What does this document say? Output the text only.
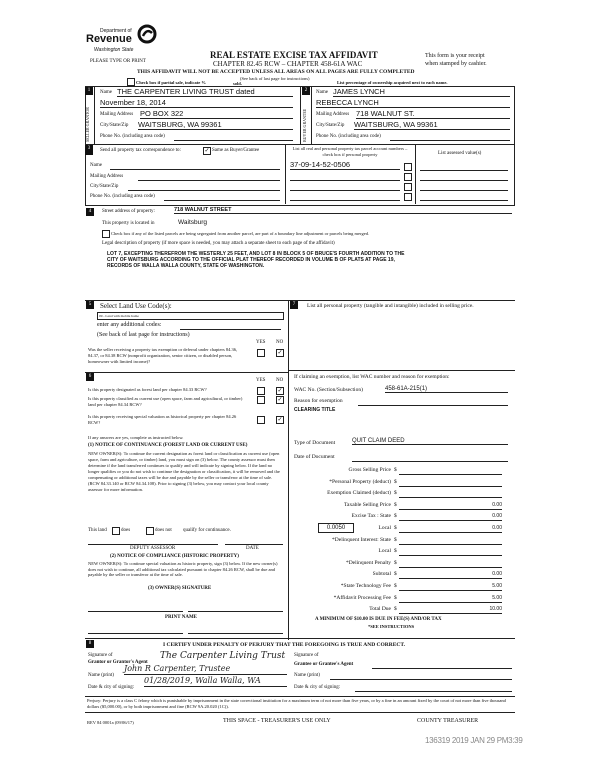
Department of
Revenue
Washington State
PLEASE TYPE OR PRINT
REAL ESTATE EXCISE TAX AFFIDAVIT
CHAPTER 82.45 RCW – CHAPTER 458-61A WAC
This form is your receipt
when stamped by cashier.
THIS AFFIDAVIT WILL NOT BE ACCEPTED UNLESS ALL AREAS ON ALL PAGES ARE FULLY COMPLETED
(See back of last page for instructions)
Check box if partial sale, indicate %	sold.	List percentage of ownership acquired next to each name.
1
SELLER GRANTOR
Name THE CARPENTER LIVING TRUST dated
November 18, 2014
Mailing Address PO BOX 322
City/State/Zip WAITSBURG, WA 99361
Phone No. (including area code)
2
BUYER GRANTEE
Name JAMES LYNCH
REBECCA LYNCH
Mailing Address 718 WALNUT ST.
City/State/Zip WAITSBURG, WA 99361
Phone No. (including area code)
3	Send all property tax correspondence to:	✓ Same as Buyer/Grantee
Name
Mailing Address
City/State/Zip
Phone No. (including area code)
List all real and personal property tax parcel account numbers – check box if personal property
37-09-14-52-0506
List assessed value(s)
4	Street address of property:	718 WALNUT STREET
This property is located in	Waitsburg
Check box if any of the listed parcels are being segregated from another parcel, are part of a boundary line adjustment or parcels being merged.
Legal description of property (if more space is needed, you may attach a separate sheet to each page of the affidavit)
LOT 7, EXCEPTING THEREFROM THE WESTERLY 25 FEET, AND LOT 8 IN BLOCK 5 OF BRUCE'S FOURTH ADDITION TO THE
CITY OF WAITSBURG ACCORDING TO THE OFFICIAL PLAT THEREOF RECORDED IN VOLUME B OF PLATS AT PAGE 19,
RECORDS OF WALLA WALLA COUNTY, STATE OF WASHINGTON.
5	Select Land Use Code(s):
09 - Land with mobile home
enter any additional codes:
(See back of last page for instructions)
YES NO
Was the seller receiving a property tax exemption or deferral under chapters 84.36, 84.37, or 84.38 RCW (nonprofit organization, senior citizen, or disabled person, homeowner with limited income)?
✓
6
YES NO
Is this property designated as forest land per chapter 84.33 RCW?	✓
Is this property classified as current use (open space, farm and agricultural, or timber) land per chapter 84.34 RCW?
✓
Is this property receiving special valuation as historical property per chapter 84.26 RCW?	✓
If any answers are yes, complete as instructed below.
(1) NOTICE OF CONTINUANCE (FOREST LAND OR CURRENT USE)
NEW OWNER(S): To continue the current designation as forest land or classification as current use (open space, farm and agriculture, or timber) land, you must sign on (3) below. The county assessor must then determine if the land transferred continues to qualify and will indicate by signing below. If the land no longer qualifies or you do not wish to continue the designation or classification, it will be removed and the compensating or additional taxes will be due and payable by the seller or transferor at the time of sale. (RCW 84.33.140 or RCW 84.34.108). Prior to signing (3) below, you may contact your local county assessor for more information.
This land	does	does not qualify for continuance.
DEPUTY ASSESSOR	DATE
(2) NOTICE OF COMPLIANCE (HISTORIC PROPERTY)
NEW OWNER(S): To continue special valuation as historic property, sign (3) below. If the new owner(s) does not wish to continue, all additional tax calculated pursuant to chapter 84.26 RCW, shall be due and payable by the seller or transferor at the time of sale.
(3) OWNER(S) SIGNATURE
PRINT NAME
7	List all personal property (tangible and intangible) included in selling price.
If claiming an exemption, list WAC number and reason for exemption:
WAC No. (Section/Subsection)	458-61A-215(1)
Reason for exemption
CLEARING TITLE
Type of Document	QUIT CLAIM DEED
Date of Document
Gross Selling Price $
*Personal Property (deduct) $
Exemption Claimed (deduct) $
Taxable Selling Price $	0.00
Excise Tax : State $	0.00
Local $	0.00
*Delinquent Interest: State $
Local $
*Delinquent Penalty $
Subtotal $	0.00
*State Technology Fee $	5.00
*Affidavit Processing Fee $	5.00
Total Due $	10.00
0.0050
A MINIMUM OF $10.00 IS DUE IN FEE(S) AND/OR TAX
*SEE INSTRUCTIONS
8	I CERTIFY UNDER PENALTY OF PERJURY THAT THE FOREGOING IS TRUE AND CORRECT.
Signature of
Grantor or Grantor's Agent
The Carpenter Living Trust
Name (print)
John R Carpenter, Trustee
Date & city of signing:
01/28/2019, Walla Walla, WA
Signature of
Grantee or Grantee's Agent
Name (print)
Date & city of signing:
Perjury: Perjury is a class C felony which is punishable by imprisonment in the state correctional institution for a maximum term of not more than five years, or by a fine in an amount fixed by the court of not more than five thousand dollars ($5,000.00), or by both imprisonment and fine (RCW 9A.20.020 (1C)).
REV 84 0001a (09/06/17)	THIS SPACE - TREASURER'S USE ONLY	COUNTY TREASURER
136319 2019 JAN 29 PM3:39
